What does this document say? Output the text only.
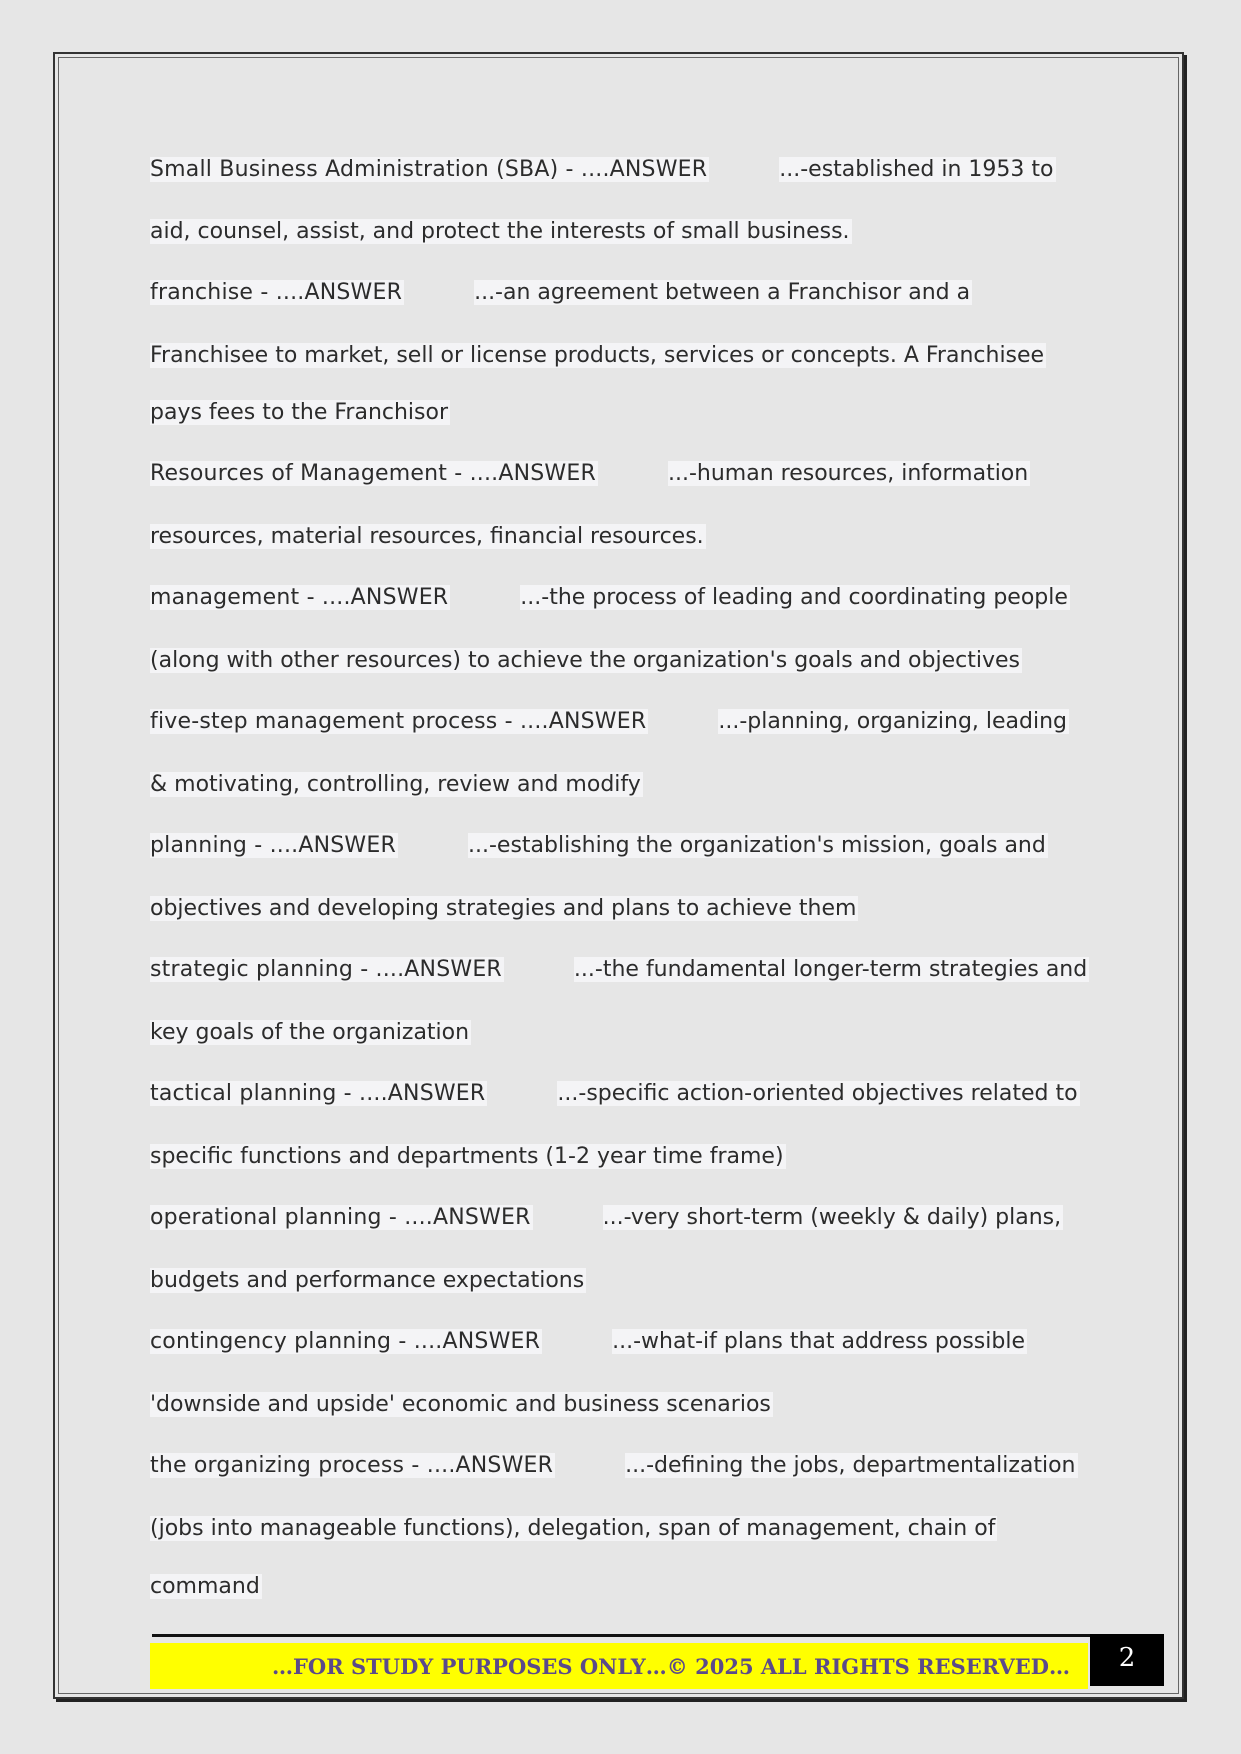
Small Business Administration (SBA) - ....ANSWER	...-established in 1953 to
aid, counsel, assist, and protect the interests of small business.
franchise - ....ANSWER	...-an agreement between a Franchisor and a
Franchisee to market, sell or license products, services or concepts. A Franchisee
pays fees to the Franchisor
Resources of Management - ....ANSWER	...-human resources, information
resources, material resources, financial resources.
management - ....ANSWER	...-the process of leading and coordinating people
(along with other resources) to achieve the organization's goals and objectives
five-step management process - ....ANSWER	...-planning, organizing, leading
& motivating, controlling, review and modify
planning - ....ANSWER	...-establishing the organization's mission, goals and
objectives and developing strategies and plans to achieve them
strategic planning - ....ANSWER	...-the fundamental longer-term strategies and
key goals of the organization
tactical planning - ....ANSWER	...-specific action-oriented objectives related to
specific functions and departments (1-2 year time frame)
operational planning - ....ANSWER	...-very short-term (weekly & daily) plans,
budgets and performance expectations
contingency planning - ....ANSWER	...-what-if plans that address possible
'downside and upside' economic and business scenarios
the organizing process - ....ANSWER	...-defining the jobs, departmentalization
(jobs into manageable functions), delegation, span of management, chain of
command
…FOR STUDY PURPOSES ONLY…© 2025 ALL RIGHTS RESERVED…	2
